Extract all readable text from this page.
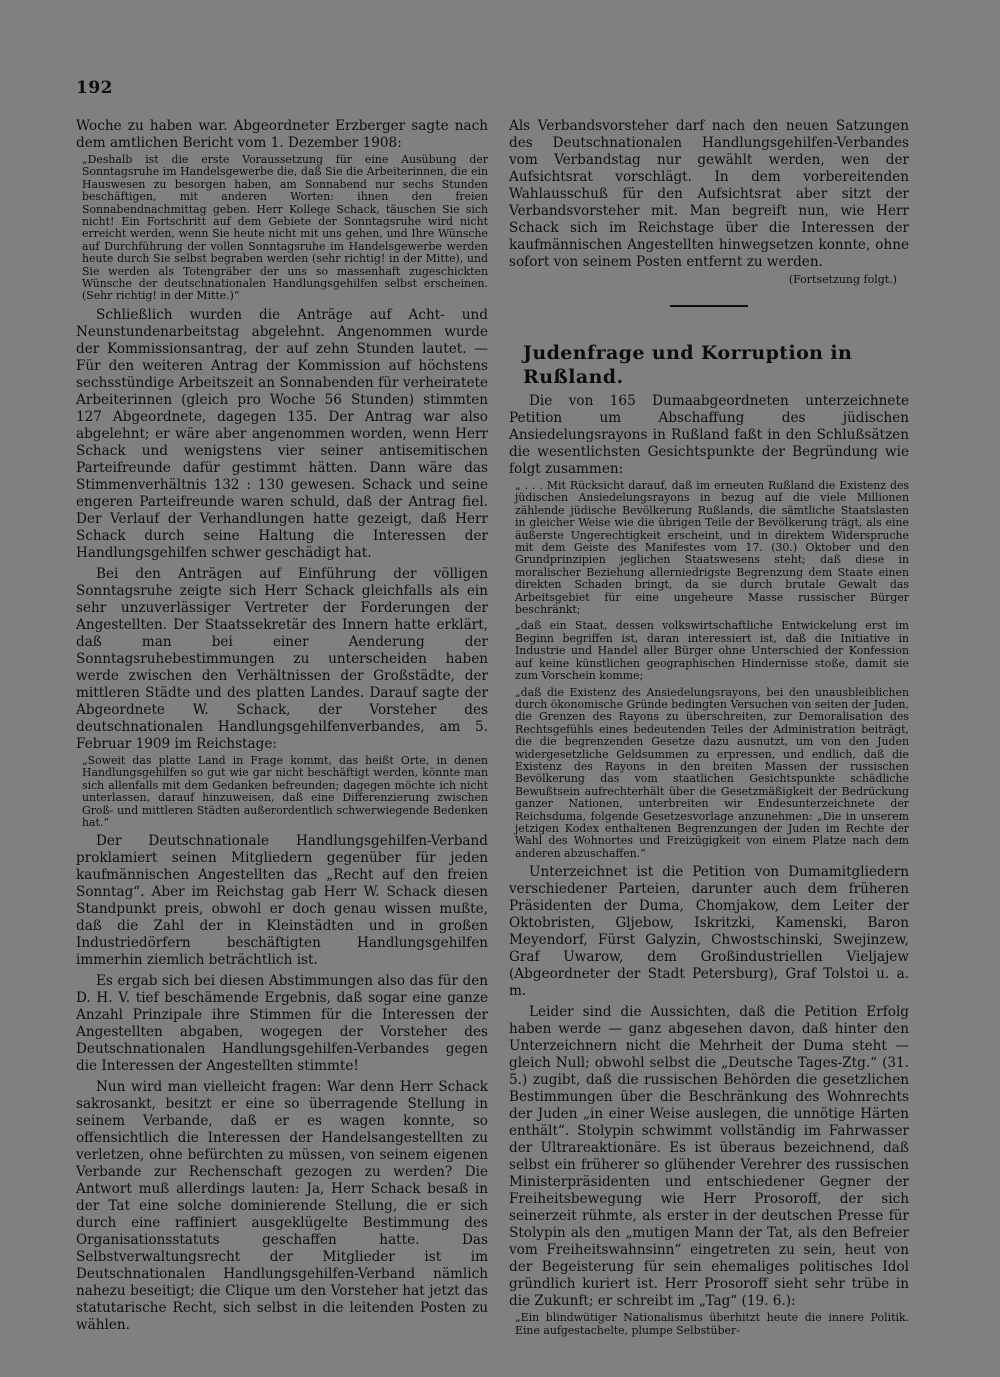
192

Woche zu haben war. Abgeordneter Erzberger sagte nach dem amtlichen Bericht vom 1. Dezember 1908:

„Deshalb ist die erste Voraussetzung für eine Ausübung der Sonntagsruhe im Handelsgewerbe die, daß Sie die Arbeiterinnen, die ein Hauswesen zu besorgen haben, am Sonnabend nur sechs Stunden beschäftigen, mit anderen Worten: ihnen den freien Sonnabendnachmittag geben. Herr Kollege Schack, täuschen Sie sich nicht! Ein Fortschritt auf dem Gebiete der Sonntagsruhe wird nicht erreicht werden, wenn Sie heute nicht mit uns gehen, und Ihre Wünsche auf Durchführung der vollen Sonntagsruhe im Handelsgewerbe werden heute durch Sie selbst begraben werden (sehr richtig! in der Mitte), und Sie werden als Totengräber der uns so massenhaft zugeschickten Wünsche der deutschnationalen Handlungsgehilfen selbst erscheinen. (Sehr richtig! in der Mitte.)“

Schließlich wurden die Anträge auf Acht- und Neunstundenarbeitstag abgelehnt. Angenommen wurde der Kommissionsantrag, der auf zehn Stunden lautet. — Für den weiteren Antrag der Kommission auf höchstens sechsstündige Arbeitszeit an Sonnabenden für verheiratete Arbeiterinnen (gleich pro Woche 56 Stunden) stimmten 127 Abgeordnete, dagegen 135. Der Antrag war also abgelehnt; er wäre aber angenommen worden, wenn Herr Schack und wenigstens vier seiner antisemitischen Parteifreunde dafür gestimmt hätten. Dann wäre das Stimmenverhältnis 132 : 130 gewesen. Schack und seine engeren Parteifreunde waren schuld, daß der Antrag fiel. Der Verlauf der Verhandlungen hatte gezeigt, daß Herr Schack durch seine Haltung die Interessen der Handlungsgehilfen schwer geschädigt hat.

Bei den Anträgen auf Einführung der völligen Sonntagsruhe zeigte sich Herr Schack gleichfalls als ein sehr unzuverlässiger Vertreter der Forderungen der Angestellten. Der Staatssekretär des Innern hatte erklärt, daß man bei einer Aenderung der Sonntagsruhebestimmungen zu unterscheiden haben werde zwischen den Verhältnissen der Großstädte, der mittleren Städte und des platten Landes. Darauf sagte der Abgeordnete W. Schack, der Vorsteher des deutschnationalen Handlungsgehilfenverbandes, am 5. Februar 1909 im Reichstage:

„Soweit das platte Land in Frage kommt, das heißt Orte, in denen Handlungsgehilfen so gut wie gar nicht beschäftigt werden, könnte man sich allenfalls mit dem Gedanken befreunden; dagegen möchte ich nicht unterlassen, darauf hinzuweisen, daß eine Differenzierung zwischen Groß- und mittleren Städten außerordentlich schwerwiegende Bedenken hat.“

Der Deutschnationale Handlungsgehilfen-Verband proklamiert seinen Mitgliedern gegenüber für jeden kaufmännischen Angestellten das „Recht auf den freien Sonntag“. Aber im Reichstag gab Herr W. Schack diesen Standpunkt preis, obwohl er doch genau wissen mußte, daß die Zahl der in Kleinstädten und in großen Industriedörfern beschäftigten Handlungsgehilfen immerhin ziemlich beträchtlich ist.

Es ergab sich bei diesen Abstimmungen also das für den D. H. V. tief beschämende Ergebnis, daß sogar eine ganze Anzahl Prinzipale ihre Stimmen für die Interessen der Angestellten abgaben, wogegen der Vorsteher des Deutschnationalen Handlungsgehilfen-Verbandes gegen die Interessen der Angestellten stimmte!

Nun wird man vielleicht fragen: War denn Herr Schack sakrosankt, besitzt er eine so überragende Stellung in seinem Verbande, daß er es wagen konnte, so offensichtlich die Interessen der Handelsangestellten zu verletzen, ohne befürchten zu müssen, von seinem eigenen Verbande zur Rechenschaft gezogen zu werden? Die Antwort muß allerdings lauten: Ja, Herr Schack besaß in der Tat eine solche dominierende Stellung, die er sich durch eine raffiniert ausgeklügelte Bestimmung des Organisationsstatuts geschaffen hatte. Das Selbstverwaltungsrecht der Mitglieder ist im Deutschnationalen Handlungsgehilfen-Verband nämlich nahezu beseitigt; die Clique um den Vorsteher hat jetzt das statutarische Recht, sich selbst in die leitenden Posten zu wählen.

Als Verbandsvorsteher darf nach den neuen Satzungen des Deutschnationalen Handlungsgehilfen-Verbandes vom Verbandstag nur gewählt werden, wen der Aufsichtsrat vorschlägt. In dem vorbereitenden Wahlausschuß für den Aufsichtsrat aber sitzt der Verbandsvorsteher mit. Man begreift nun, wie Herr Schack sich im Reichstage über die Interessen der kaufmännischen Angestellten hinwegsetzen konnte, ohne sofort von seinem Posten entfernt zu werden.

(Fortsetzung folgt.)

Judenfrage und Korruption in Rußland.

Die von 165 Dumaabgeordneten unterzeichnete Petition um Abschaffung des jüdischen Ansiedelungsrayons in Rußland faßt in den Schlußsätzen die wesentlichsten Gesichtspunkte der Begründung wie folgt zusammen:

„ . . . Mit Rücksicht darauf, daß im erneuten Rußland die Existenz des jüdischen Ansiedelungsrayons in bezug auf die viele Millionen zählende jüdische Bevölkerung Rußlands, die sämtliche Staatslasten in gleicher Weise wie die übrigen Teile der Bevölkerung trägt, als eine äußerste Ungerechtigkeit erscheint, und in direktem Widerspruche mit dem Geiste des Manifestes vom 17. (30.) Oktober und den Grundprinzipien jeglichen Staatswesens steht; daß diese in moralischer Beziehung allerniedrigste Begrenzung dem Staate einen direkten Schaden bringt, da sie durch brutale Gewalt das Arbeitsgebiet für eine ungeheure Masse russischer Bürger beschränkt;

„daß ein Staat, dessen volkswirtschaftliche Entwickelung erst im Beginn begriffen ist, daran interessiert ist, daß die Initiative in Industrie und Handel aller Bürger ohne Unterschied der Konfession auf keine künstlichen geographischen Hindernisse stoße, damit sie zum Vorschein komme;

„daß die Existenz des Ansiedelungsrayons, bei den unausbleiblichen durch ökonomische Gründe bedingten Versuchen von seiten der Juden, die Grenzen des Rayons zu überschreiten, zur Demoralisation des Rechtsgefühls eines bedeutenden Teiles der Administration beiträgt, die die begrenzenden Gesetze dazu ausnutzt, um von den Juden widergesetzliche Geldsummen zu erpressen, und endlich, daß die Existenz des Rayons in den breiten Massen der russischen Bevölkerung das vom staatlichen Gesichtspunkte schädliche Bewußtsein aufrechterhält über die Gesetzmäßigkeit der Bedrückung ganzer Nationen, unterbreiten wir Endesunterzeichnete der Reichsduma, folgende Gesetzesvorlage anzunehmen: „Die in unserem jetzigen Kodex enthaltenen Begrenzungen der Juden im Rechte der Wahl des Wohnortes und Freizügigkeit von einem Platze nach dem anderen abzuschaffen.“

Unterzeichnet ist die Petition von Dumamitgliedern verschiedener Parteien, darunter auch dem früheren Präsidenten der Duma, Chomjakow, dem Leiter der Oktobristen, Gljebow, Iskritzki, Kamenski, Baron Meyendorf, Fürst Galyzin, Chwostschinski, Swejinzew, Graf Uwarow, dem Großindustriellen Vieljajew (Abgeordneter der Stadt Petersburg), Graf Tolstoi u. a. m.

Leider sind die Aussichten, daß die Petition Erfolg haben werde — ganz abgesehen davon, daß hinter den Unterzeichnern nicht die Mehrheit der Duma steht — gleich Null; obwohl selbst die „Deutsche Tages-Ztg.“ (31. 5.) zugibt, daß die russischen Behörden die gesetzlichen Bestimmungen über die Beschränkung des Wohnrechts der Juden „in einer Weise auslegen, die unnötige Härten enthält“. Stolypin schwimmt vollständig im Fahrwasser der Ultrareaktionäre. Es ist überaus bezeichnend, daß selbst ein früherer so glühender Verehrer des russischen Ministerpräsidenten und entschiedener Gegner der Freiheitsbewegung wie Herr Prosoroff, der sich seinerzeit rühmte, als erster in der deutschen Presse für Stolypin als den „mutigen Mann der Tat, als den Befreier vom Freiheitswahnsinn“ eingetreten zu sein, heut von der Begeisterung für sein ehemaliges politisches Idol gründlich kuriert ist. Herr Prosoroff sieht sehr trübe in die Zukunft; er schreibt im „Tag“ (19. 6.):

„Ein blindwütiger Nationalismus überhitzt heute die innere Politik. Eine aufgestachelte, plumpe Selbstüber-
